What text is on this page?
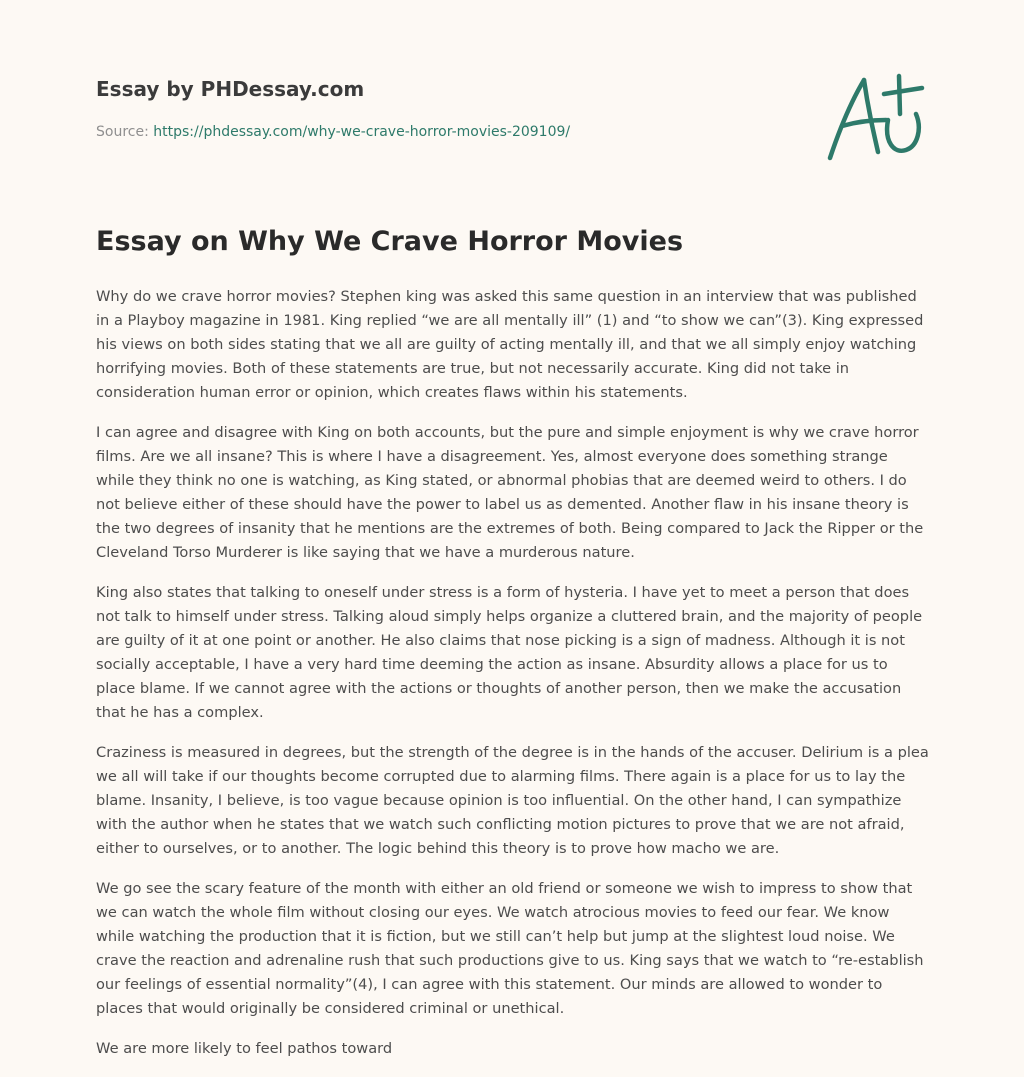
Essay by PHDessay.com
Source: https://phdessay.com/why-we-crave-horror-movies-209109/
Essay on Why We Crave Horror Movies

Why do we crave horror movies? Stephen king was asked this same question in an interview that was published in a Playboy magazine in 1981. King replied “we are all mentally ill” (1) and “to show we can”(3). King expressed his views on both sides stating that we all are guilty of acting mentally ill, and that we all simply enjoy watching horrifying movies. Both of these statements are true, but not necessarily accurate. King did not take in consideration human error or opinion, which creates flaws within his statements.

I can agree and disagree with King on both accounts, but the pure and simple enjoyment is why we crave horror films. Are we all insane? This is where I have a disagreement. Yes, almost everyone does something strange while they think no one is watching, as King stated, or abnormal phobias that are deemed weird to others. I do not believe either of these should have the power to label us as demented. Another flaw in his insane theory is the two degrees of insanity that he mentions are the extremes of both. Being compared to Jack the Ripper or the Cleveland Torso Murderer is like saying that we have a murderous nature.

King also states that talking to oneself under stress is a form of hysteria. I have yet to meet a person that does not talk to himself under stress. Talking aloud simply helps organize a cluttered brain, and the majority of people are guilty of it at one point or another. He also claims that nose picking is a sign of madness. Although it is not socially acceptable, I have a very hard time deeming the action as insane. Absurdity allows a place for us to place blame. If we cannot agree with the actions or thoughts of another person, then we make the accusation that he has a complex.

Craziness is measured in degrees, but the strength of the degree is in the hands of the accuser. Delirium is a plea we all will take if our thoughts become corrupted due to alarming films. There again is a place for us to lay the blame. Insanity, I believe, is too vague because opinion is too influential. On the other hand, I can sympathize with the author when he states that we watch such conflicting motion pictures to prove that we are not afraid, either to ourselves, or to another. The logic behind this theory is to prove how macho we are.

We go see the scary feature of the month with either an old friend or someone we wish to impress to show that we can watch the whole film without closing our eyes. We watch atrocious movies to feed our fear. We know while watching the production that it is fiction, but we still can’t help but jump at the slightest loud noise. We crave the reaction and adrenaline rush that such productions give to us. King says that we watch to “re-establish our feelings of essential normality”(4), I can agree with this statement. Our minds are allowed to wonder to places that would originally be considered criminal or unethical.

We are more likely to feel pathos toward
